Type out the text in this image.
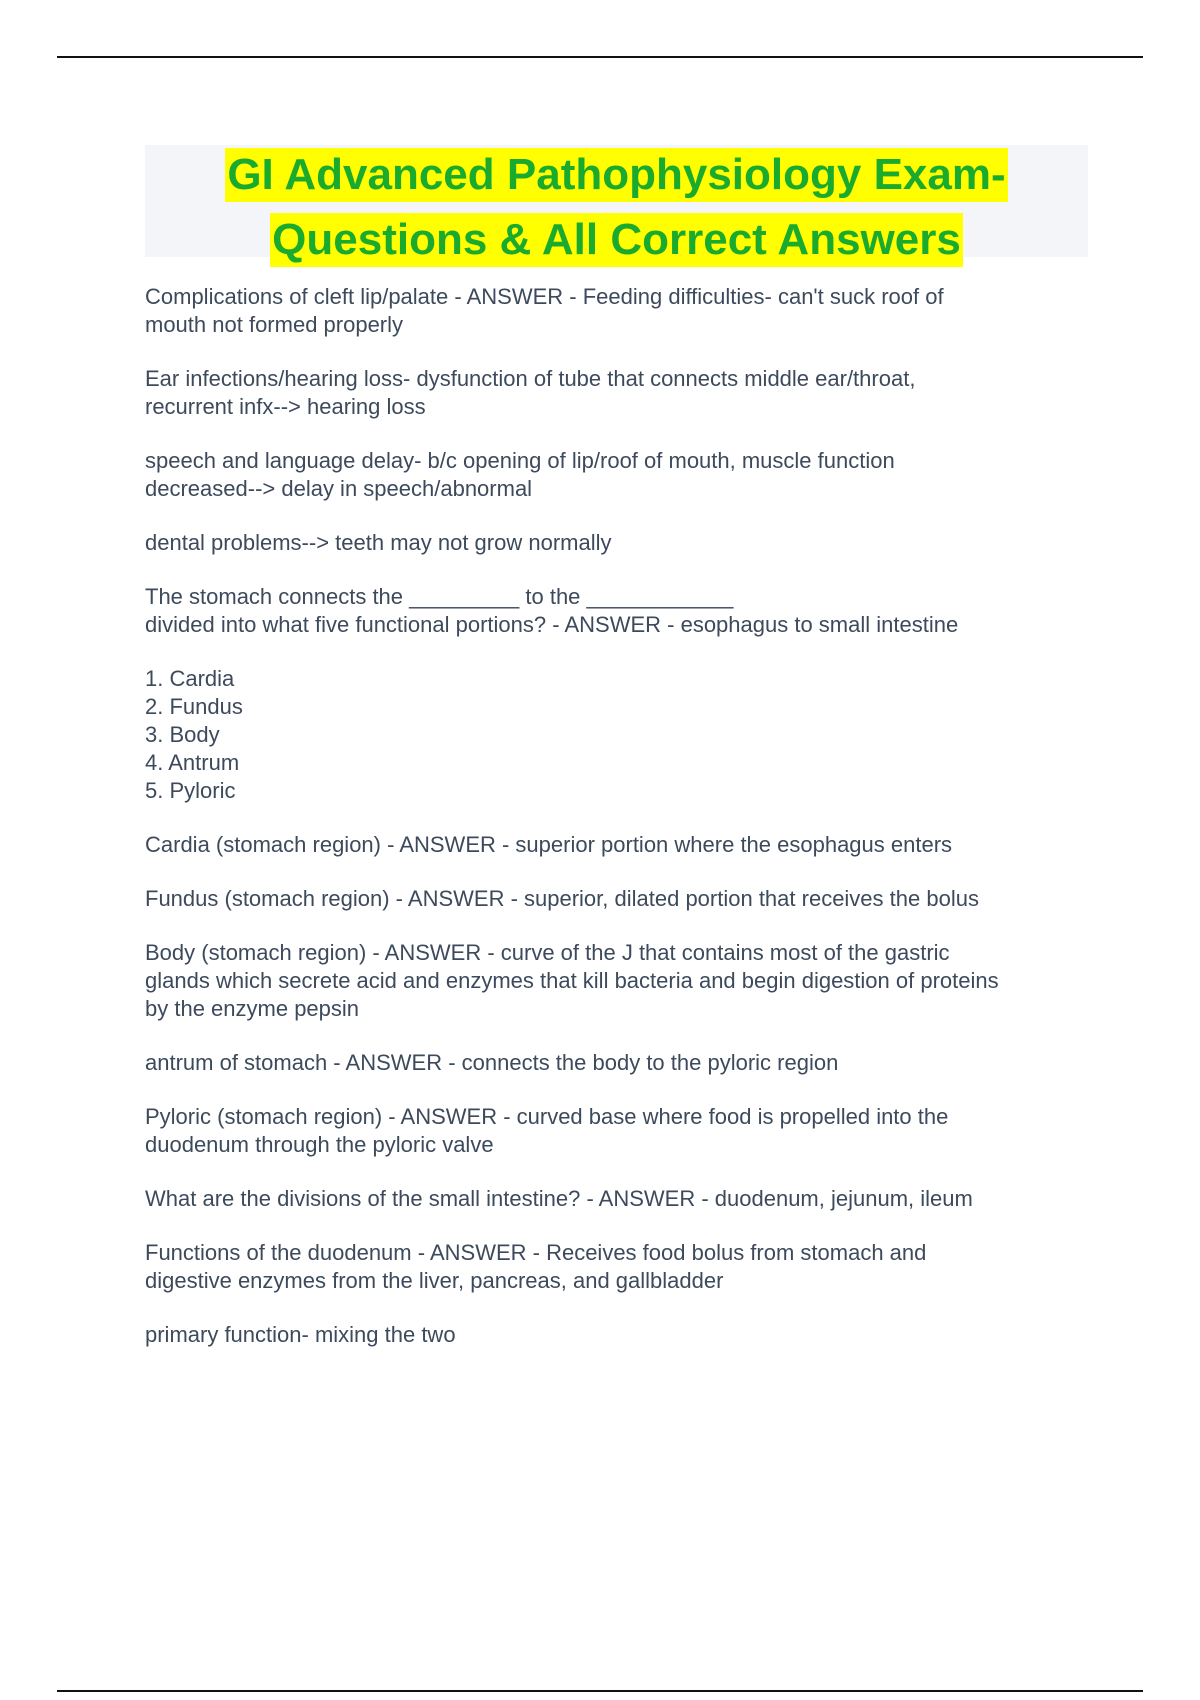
GI Advanced Pathophysiology Exam-
Questions & All Correct Answers
Complications of cleft lip/palate - ANSWER - Feeding difficulties- can't suck roof of
mouth not formed properly
Ear infections/hearing loss- dysfunction of tube that connects middle ear/throat,
recurrent infx--> hearing loss
speech and language delay- b/c opening of lip/roof of mouth, muscle function
decreased--> delay in speech/abnormal
dental problems--> teeth may not grow normally
The stomach connects the _________ to the ____________
divided into what five functional portions? - ANSWER - esophagus to small intestine
1. Cardia
2. Fundus
3. Body
4. Antrum
5. Pyloric
Cardia (stomach region) - ANSWER - superior portion where the esophagus enters
Fundus (stomach region) - ANSWER - superior, dilated portion that receives the bolus
Body (stomach region) - ANSWER - curve of the J that contains most of the gastric
glands which secrete acid and enzymes that kill bacteria and begin digestion of proteins
by the enzyme pepsin
antrum of stomach - ANSWER - connects the body to the pyloric region
Pyloric (stomach region) - ANSWER - curved base where food is propelled into the
duodenum through the pyloric valve
What are the divisions of the small intestine? - ANSWER - duodenum, jejunum, ileum
Functions of the duodenum - ANSWER - Receives food bolus from stomach and
digestive enzymes from the liver, pancreas, and gallbladder
primary function- mixing the two
